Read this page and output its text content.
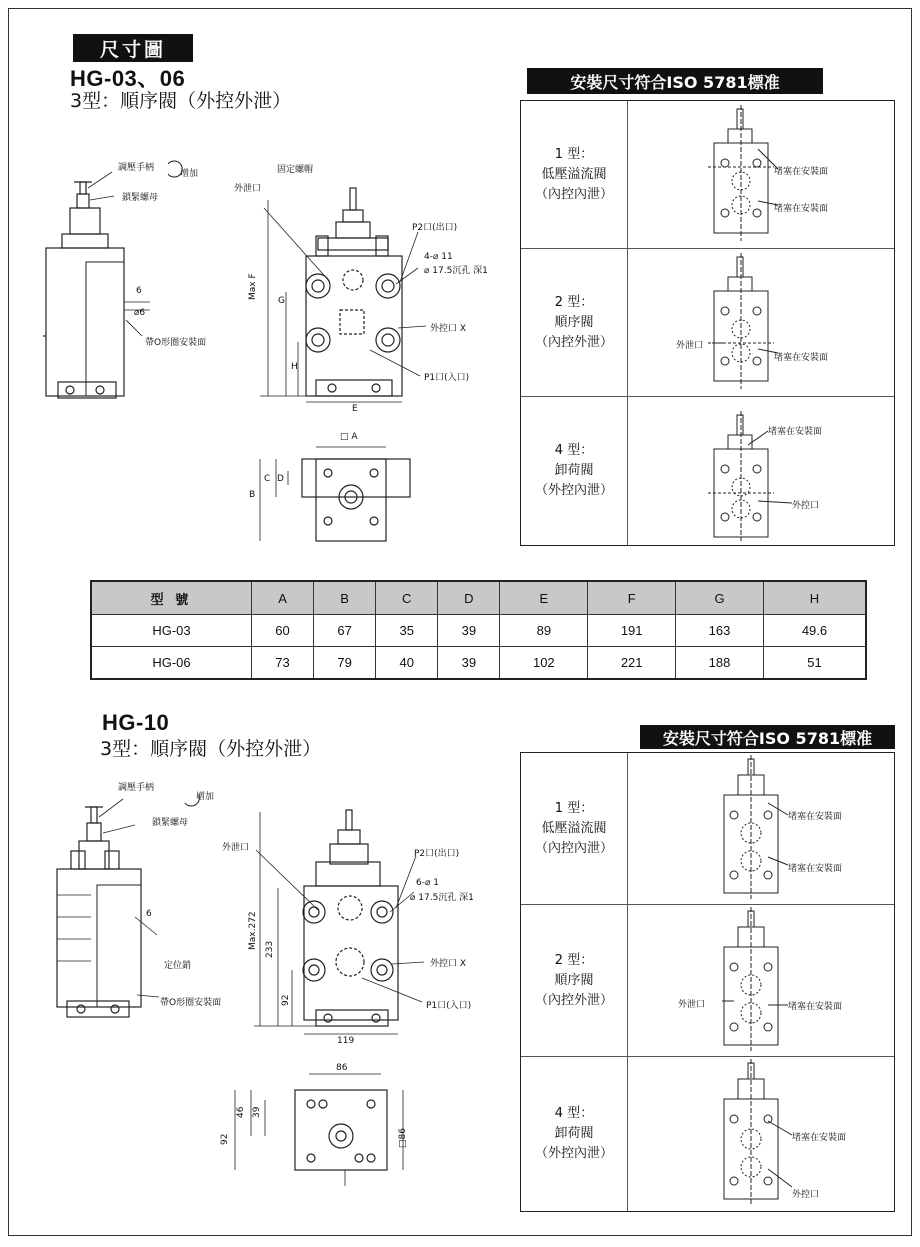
尺寸圖
HG-03、06
3型：順序閥（外控外泄）
調壓手柄
增加
鎖緊螺母
6
⌀6
帶O形圈安裝面
固定螺帽
外泄口
P2口(出口)
4-⌀ 11
⌀ 17.5沉孔 深1
外控口 X
P1口(入口)
Max F
G
H
E
□ A
B
C D
安裝尺寸符合ISO 5781標准
1 型：
低壓溢流閥
（內控內泄）
堵塞在安裝面
堵塞在安裝面
2 型：
順序閥
（內控外泄）	外泄口
堵塞在安裝面
4 型：
卸荷閥
（外控內泄）
堵塞在安裝面
外控口
型 號	A	B	C	D	E	F	G	H
HG-03	60	67	35	39	89	191	163	49.6
HG-06	73	79	40	39	102	221	188	51
HG-10
3型：順序閥（外控外泄）
調壓手柄
增加
鎖緊螺母
6
定位銷
帶O形圈安裝面
外泄口
P2口(出口)
6-⌀ 1
⌀ 17.5沉孔 深1
外控口 X
P1口(入口)
Max.272 233
92
119
86
46 39
92	□86
安裝尺寸符合ISO 5781標准
1 型：
低壓溢流閥
（內控內泄）
堵塞在安裝面
堵塞在安裝面
2 型：
順序閥
（內控外泄）	外泄口	堵塞在安裝面
4 型：
卸荷閥
（外控內泄）
堵塞在安裝面
外控口
